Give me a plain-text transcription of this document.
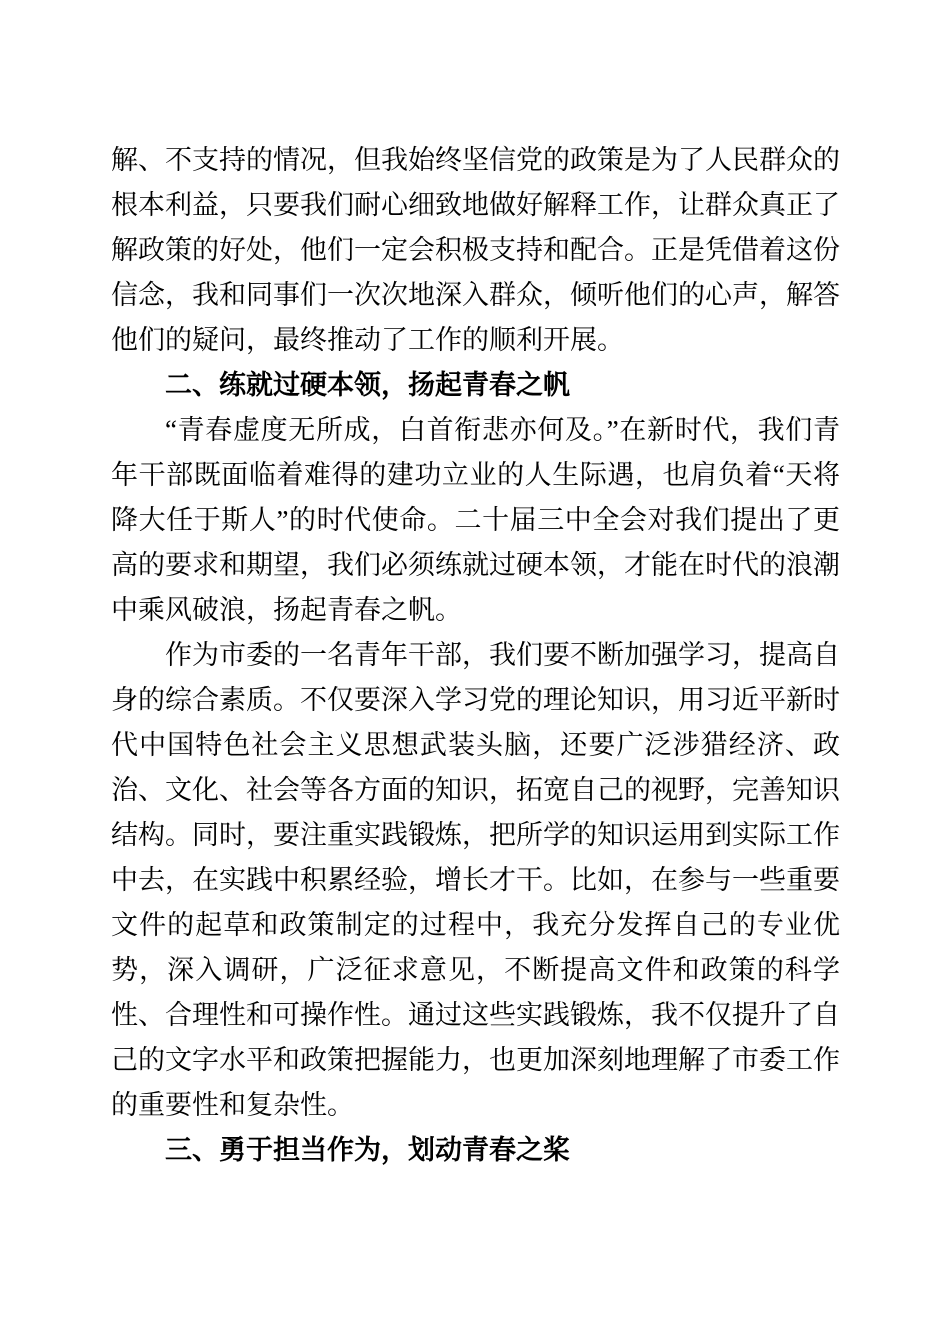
解、不支持的情况，但我始终坚信党的政策是为了人民群众的根本利益，只要我们耐心细致地做好解释工作，让群众真正了解政策的好处，他们一定会积极支持和配合。正是凭借着这份信念，我和同事们一次次地深入群众，倾听他们的心声，解答他们的疑问，最终推动了工作的顺利开展。

二、练就过硬本领，扬起青春之帆

“青春虚度无所成，白首衔悲亦何及。”在新时代，我们青年干部既面临着难得的建功立业的人生际遇，也肩负着“天将降大任于斯人”的时代使命。二十届三中全会对我们提出了更高的要求和期望，我们必须练就过硬本领，才能在时代的浪潮中乘风破浪，扬起青春之帆。

作为市委的一名青年干部，我们要不断加强学习，提高自身的综合素质。不仅要深入学习党的理论知识，用习近平新时代中国特色社会主义思想武装头脑，还要广泛涉猎经济、政治、文化、社会等各方面的知识，拓宽自己的视野，完善知识结构。同时，要注重实践锻炼，把所学的知识运用到实际工作中去，在实践中积累经验，增长才干。比如，在参与一些重要文件的起草和政策制定的过程中，我充分发挥自己的专业优势，深入调研，广泛征求意见，不断提高文件和政策的科学性、合理性和可操作性。通过这些实践锻炼，我不仅提升了自己的文字水平和政策把握能力，也更加深刻地理解了市委工作的重要性和复杂性。

三、勇于担当作为，划动青春之桨
